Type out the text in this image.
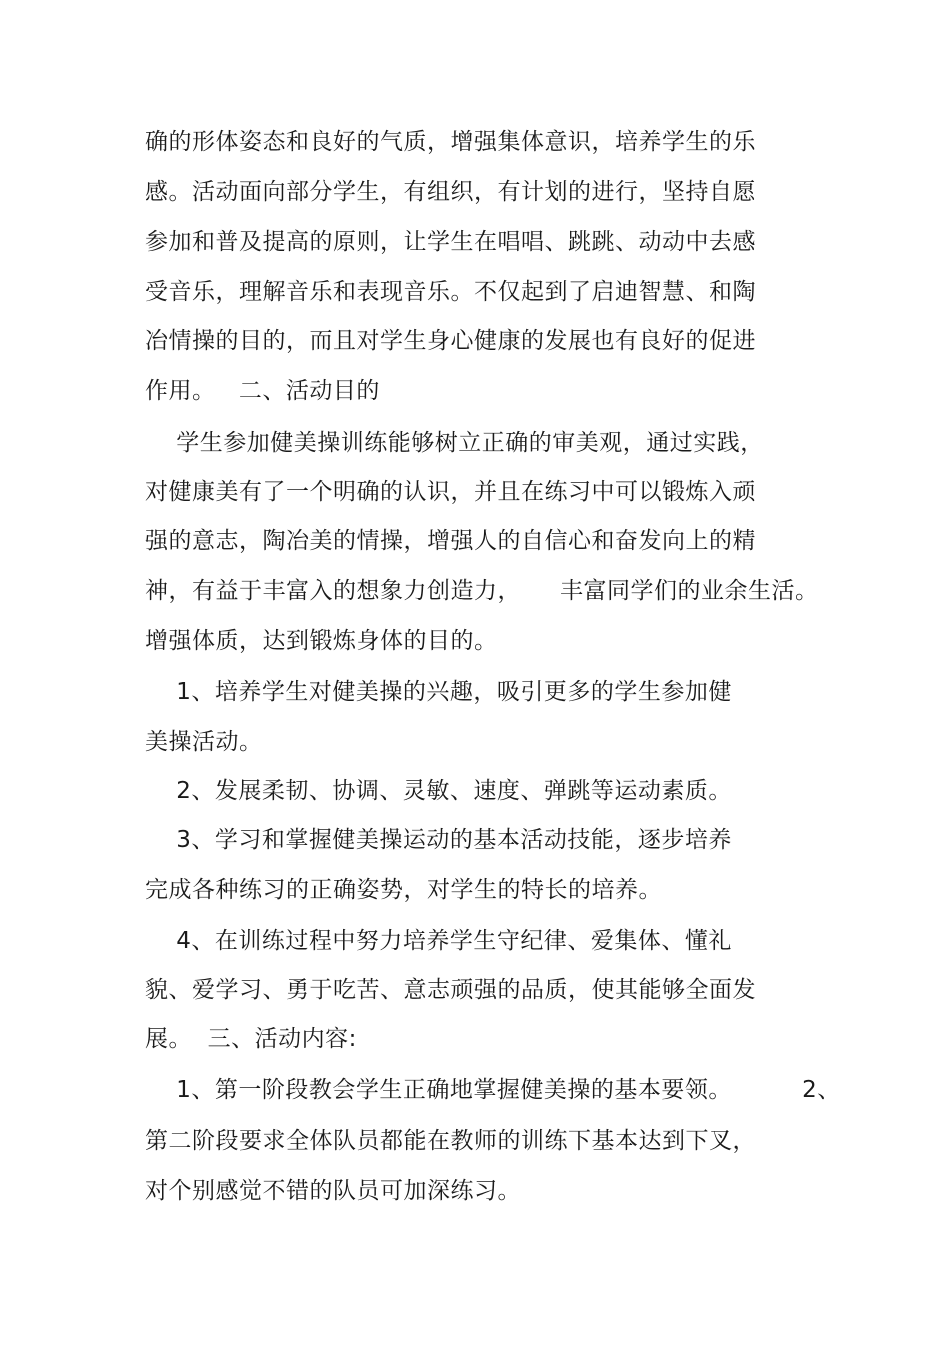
确的形体姿态和良好的气质，增强集体意识，培养学生的乐
感。活动面向部分学生，有组织，有计划的进行，坚持自愿
参加和普及提高的原则，让学生在唱唱、跳跳、动动中去感
受音乐，理解音乐和表现音乐。不仅起到了启迪智慧、和陶
冶情操的目的，而且对学生身心健康的发展也有良好的促进
作用。   二、活动目的
学生参加健美操训练能够树立正确的审美观，通过实践，
对健康美有了一个明确的认识，并且在练习中可以锻炼入顽
强的意志，陶冶美的情操，增强人的自信心和奋发向上的精
神，有益于丰富入的想象力创造力，     丰富同学们的业余生活。
增强体质，达到锻炼身体的目的。
1、培养学生对健美操的兴趣，吸引更多的学生参加健
美操活动。
2、发展柔韧、协调、灵敏、速度、弹跳等运动素质。
3、学习和掌握健美操运动的基本活动技能，逐步培养
完成各种练习的正确姿势，对学生的特长的培养。
4、在训练过程中努力培养学生守纪律、爱集体、懂礼
貌、爱学习、勇于吃苦、意志顽强的品质，使其能够全面发
展。  三、活动内容:
1、第一阶段教会学生正确地掌握健美操的基本要领。         2、
第二阶段要求全体队员都能在教师的训练下基本达到下叉，
对个别感觉不错的队员可加深练习。
